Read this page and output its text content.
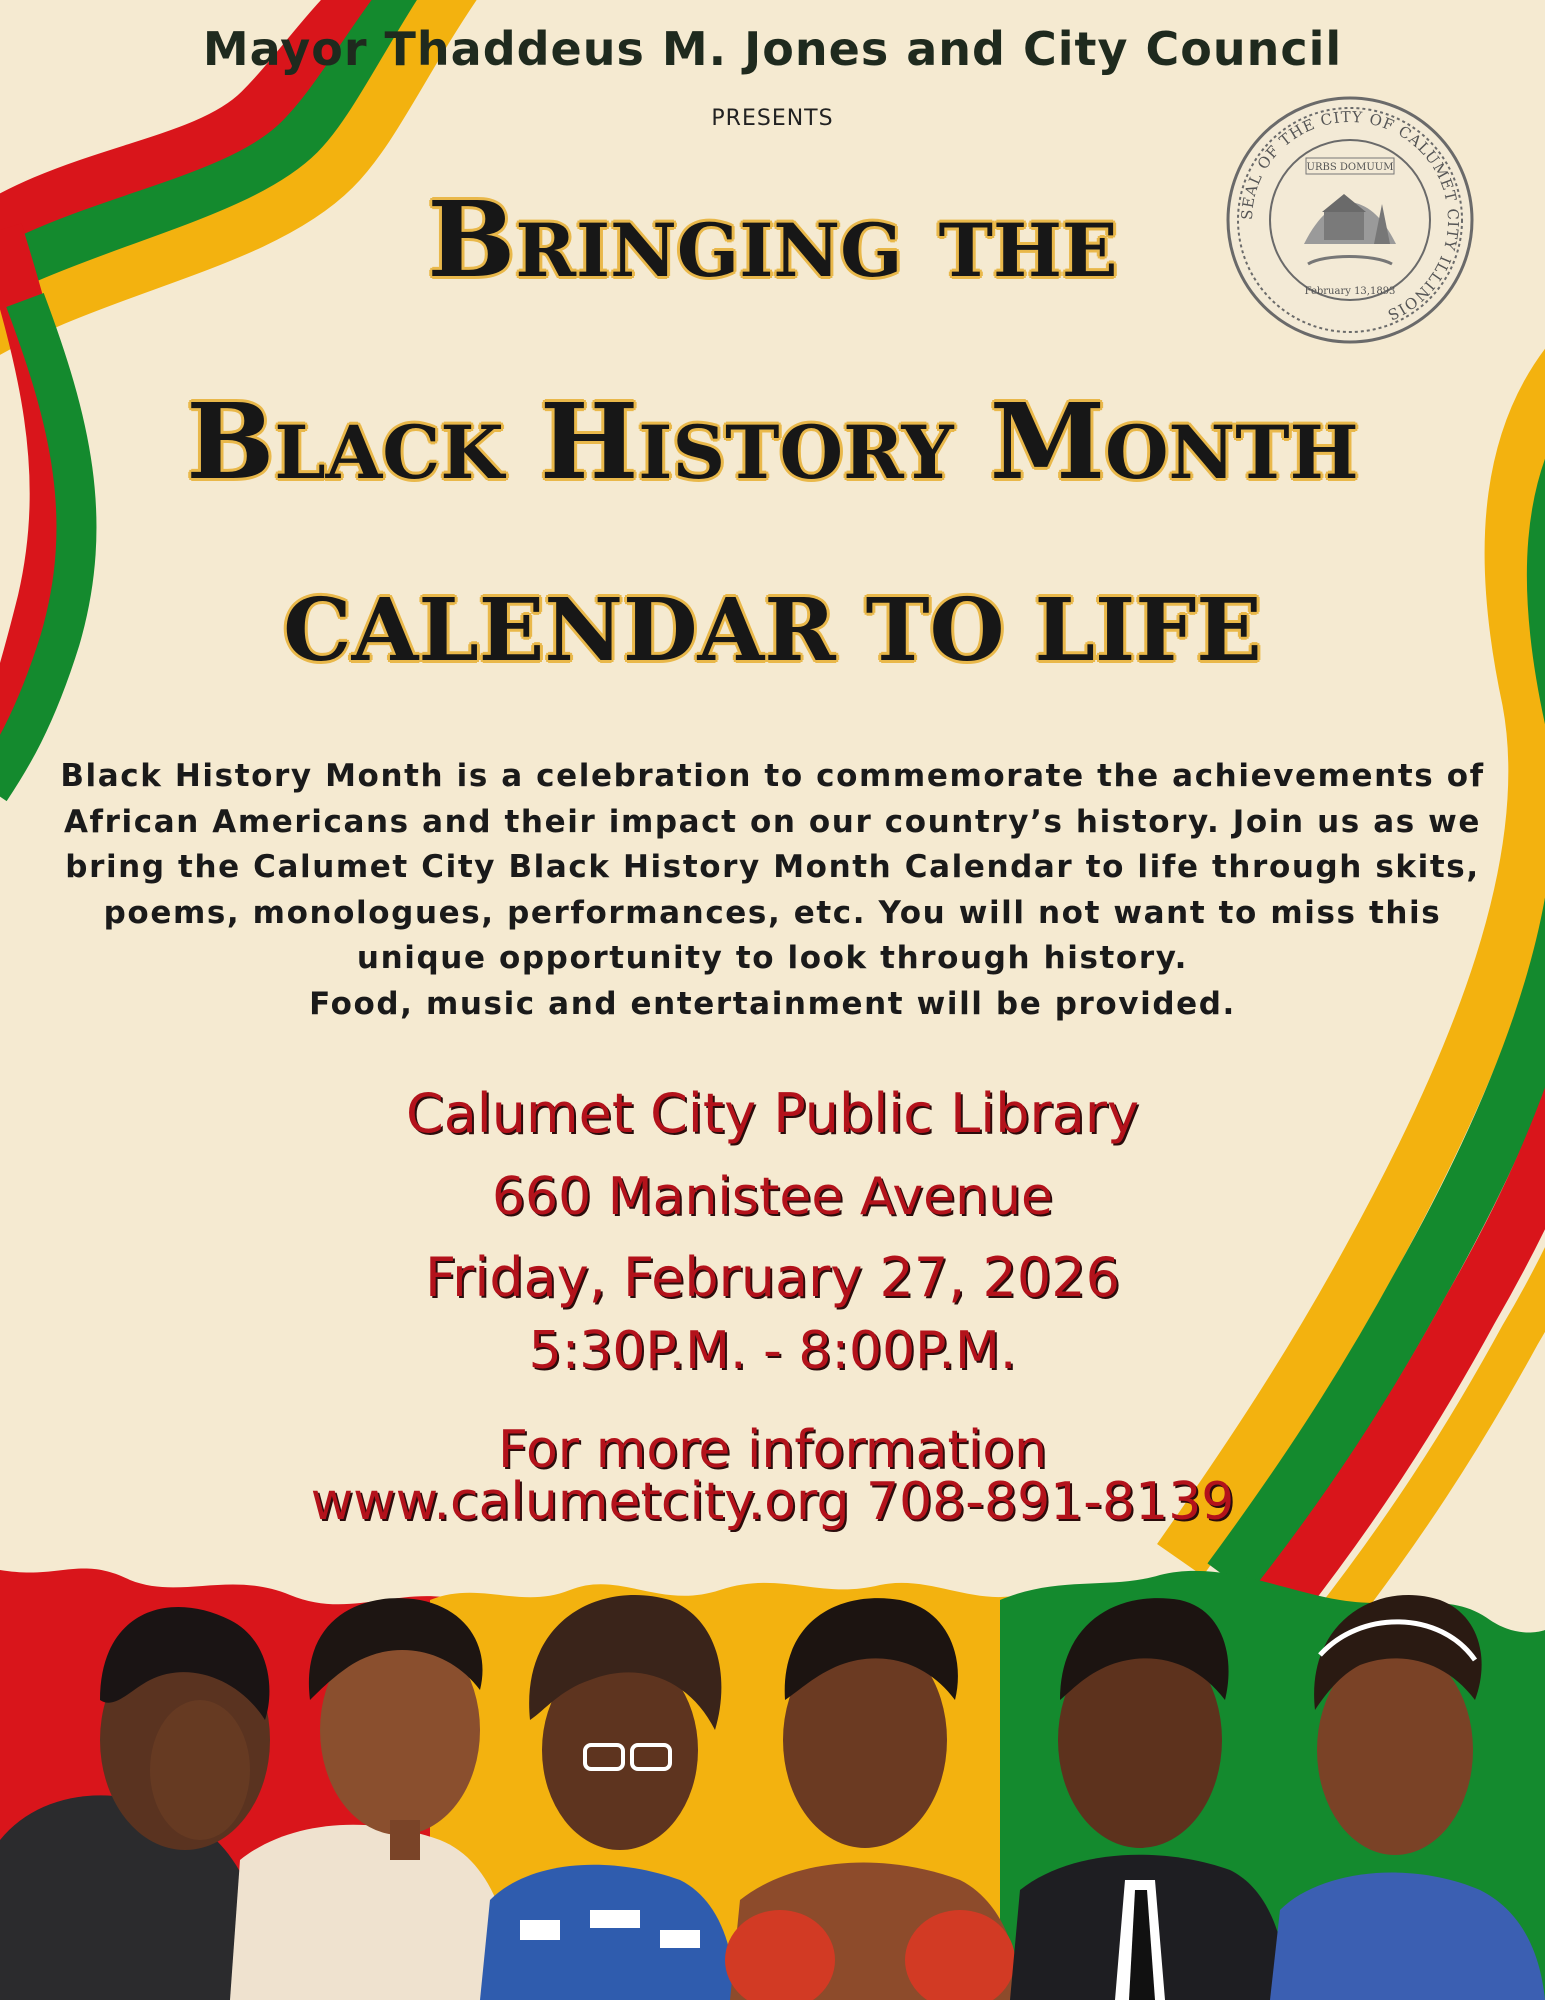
SEAL OF THE CITY OF CALUMET CITY ILLINOIS
URBS DOMUUM
February 13,1893

Mayor Thaddeus M. Jones and City Council

PRESENTS

Bringing the
Black History Month
CALENDAR TO LIFE
Black History Month is a celebration to commemorate the achievements of
African Americans and their impact on our country’s history. Join us as we
bring the Calumet City Black History Month Calendar to life through skits,
poems, monologues, performances, etc. You will not want to miss this
unique opportunity to look through history.
Food, music and entertainment will be provided.

Calumet City Public Library

660 Manistee Avenue

Friday, February 27, 2026

5:30P.M. - 8:00P.M.

For more information

www.calumetcity.org 708-891-8139
